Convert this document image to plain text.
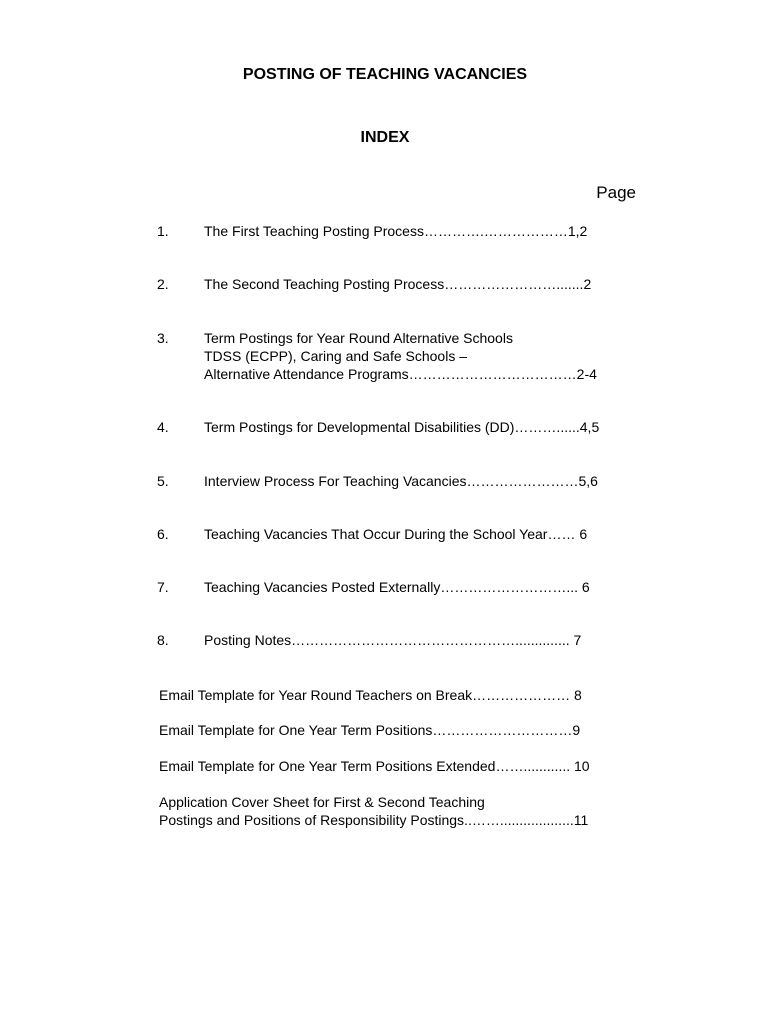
POSTING OF TEACHING VACANCIES
INDEX
Page
1.	The First Teaching Posting Process………….………………1,2
2.	The Second Teaching Posting Process…………………….......2
3.	Term Postings for Year Round Alternative Schools
TDSS (ECPP), Caring and Safe Schools –
Alternative Attendance Programs………………………………2-4
4.	Term Postings for Developmental Disabilities (DD)………......4,5
5.	Interview Process For Teaching Vacancies……………………5,6
6.	Teaching Vacancies That Occur During the School Year…… 6
7.	Teaching Vacancies Posted Externally………………………... 6
8.	Posting Notes………………………………………….............. 7
Email Template for Year Round Teachers on Break………………… 8
Email Template for One Year Term Positions…………………………9
Email Template for One Year Term Positions Extended……............ 10
Application Cover Sheet for First & Second Teaching
Postings and Positions of Responsibility Postings..……...................11
